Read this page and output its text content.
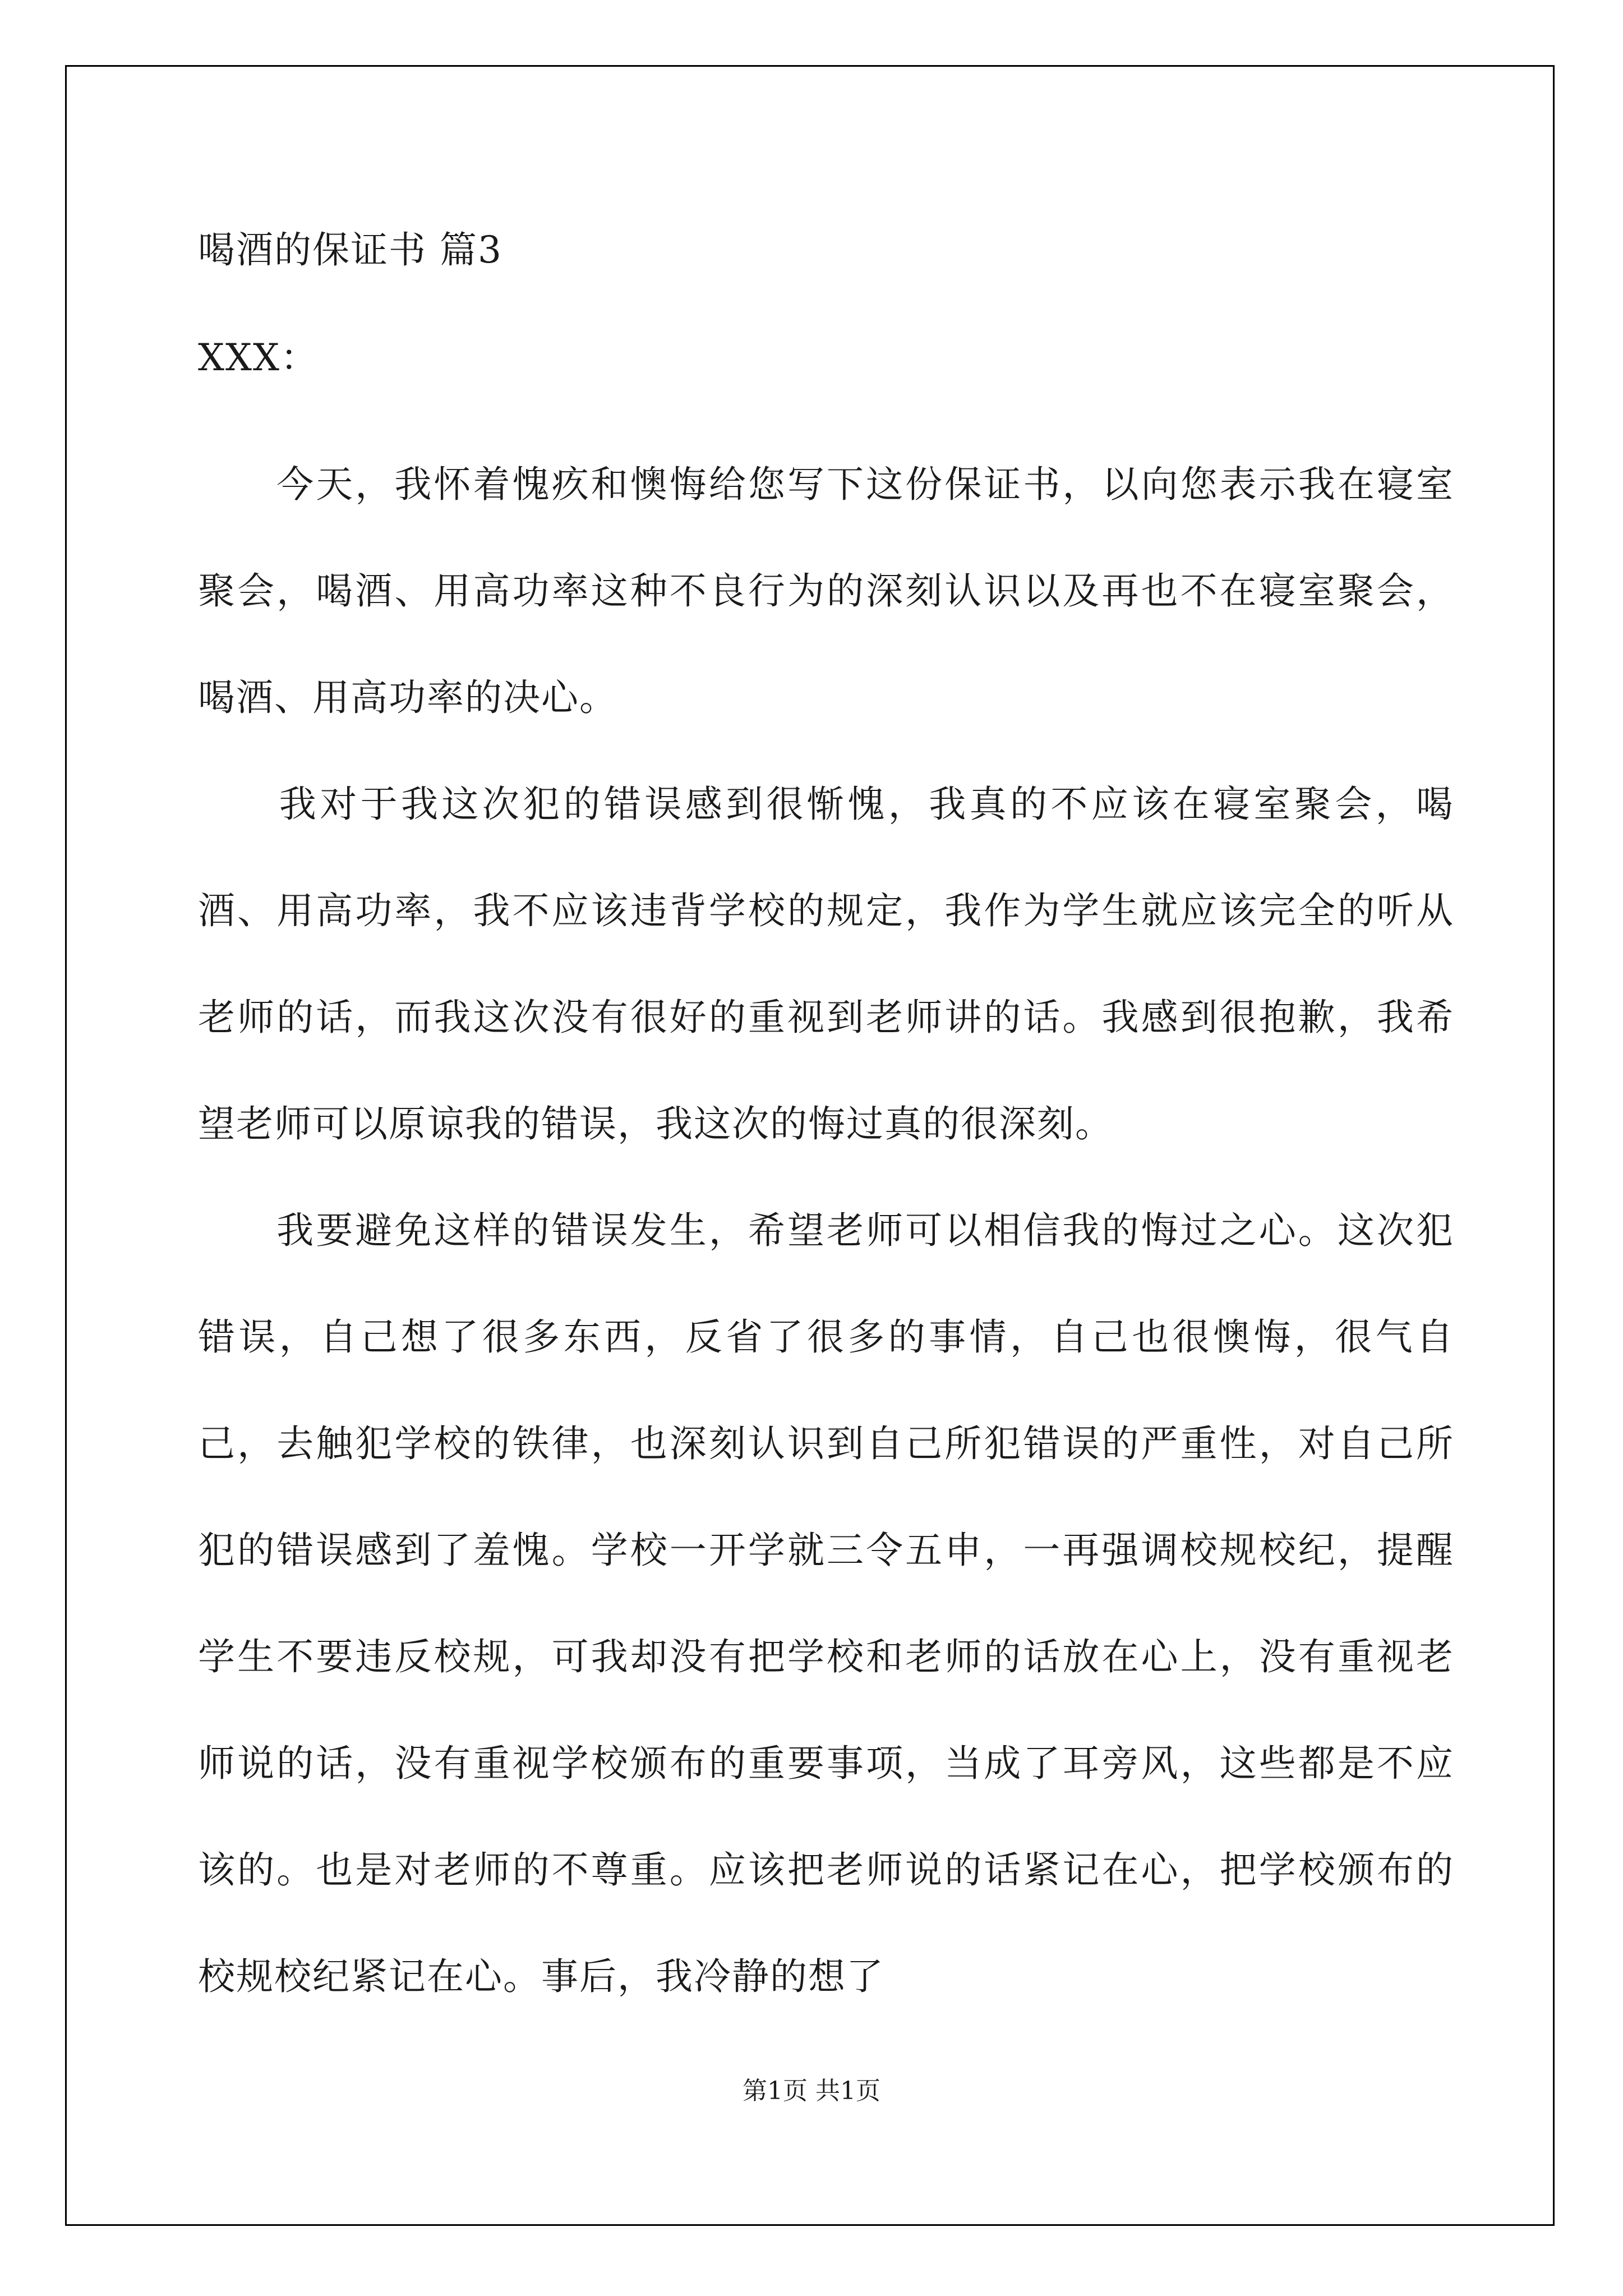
喝酒的保证书 篇3
XXX：
　　今天，我怀着愧疚和懊悔给您写下这份保证书，以向您表示我在寝室聚会，喝酒、用高功率这种不良行为的深刻认识以及再也不在寝室聚会，喝酒、用高功率的决心。
　　我对于我这次犯的错误感到很惭愧，我真的不应该在寝室聚会，喝酒、用高功率，我不应该违背学校的规定，我作为学生就应该完全的听从老师的话，而我这次没有很好的重视到老师讲的话。我感到很抱歉，我希望老师可以原谅我的错误，我这次的悔过真的很深刻。
　　我要避免这样的错误发生，希望老师可以相信我的悔过之心。这次犯错误，自己想了很多东西，反省了很多的事情，自己也很懊悔，很气自己，去触犯学校的铁律，也深刻认识到自己所犯错误的严重性，对自己所犯的错误感到了羞愧。学校一开学就三令五申，一再强调校规校纪，提醒学生不要违反校规，可我却没有把学校和老师的话放在心上，没有重视老师说的话，没有重视学校颁布的重要事项，当成了耳旁风，这些都是不应该的。也是对老师的不尊重。应该把老师说的话紧记在心，把学校颁布的校规校纪紧记在心。事后，我冷静的想了
第1页 共1页
